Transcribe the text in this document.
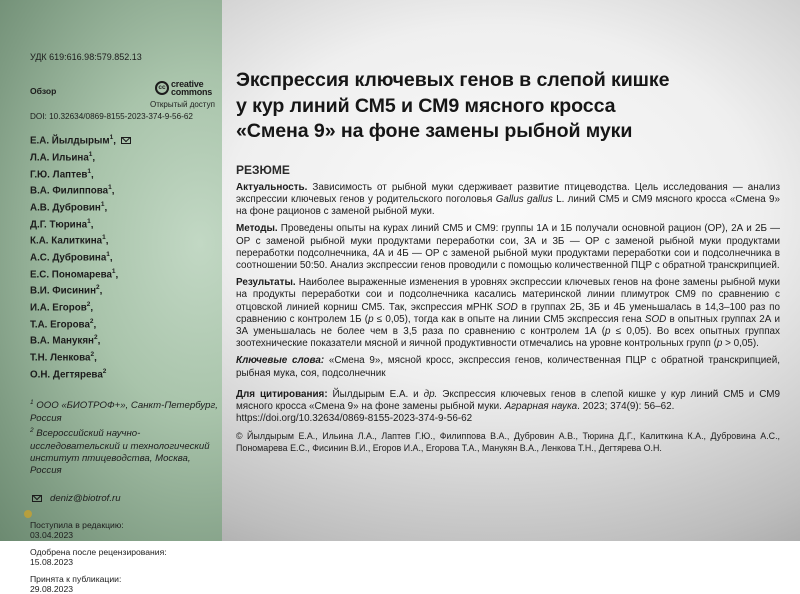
УДК 619:616.98:579.852.13
Обзор	cc creative
commons
Открытый доступ
DOI: 10.32634/0869-8155-2023-374-9-56-62
Е.А. Йылдырым$^1$,
Л.А. Ильина$^1$,
Г.Ю. Лаптев$^1$,
В.А. Филиппова$^1$,
А.В. Дубровин$^1$,
Д.Г. Тюрина$^1$,
К.А. Калиткина$^1$,
А.С. Дубровина$^1$,
Е.С. Пономарева$^1$,
В.И. Фисинин$^2$,
И.А. Егоров$^2$,
Т.А. Егорова$^2$,
В.А. Манукян$^2$,
Т.Н. Ленкова$^2$,
О.Н. Дегтярева$^2$
$^1$ ООО «БИОТРОФ+», Санкт-Петербург, Россия
$^2$ Всероссийский научно-исследовательский и технологический институт птицеводства, Москва, Россия
deniz@biotrof.ru
Поступила в редакцию:
03.04.2023
Одобрена после рецензирования:
15.08.2023
Принята к публикации:
29.08.2023
Экспрессия ключевых генов в слепой кишке
у кур линий СМ5 и СМ9 мясного кросса
«Смена 9» на фоне замены рыбной муки
РЕЗЮМЕ

Актуальность. Зависимость от рыбной муки сдерживает развитие птицеводства. Цель исследования — анализ экспрессии ключевых генов у родительского поголовья Gallus gallus L. линий СМ5 и СМ9 мясного кросса «Смена 9» на фоне рационов с заменой рыбной муки.

Методы. Проведены опыты на курах линий СМ5 и СМ9: группы 1А и 1Б получали основной рацион (ОР), 2А и 2Б — ОР с заменой рыбной муки продуктами переработки сои, 3А и 3Б — ОР с заменой рыбной муки продуктами переработки подсолнечника, 4А и 4Б — ОР с заменой рыбной муки продуктами переработки сои и подсолнечника в соотношении 50:50. Анализ экспрессии генов проводили с помощью количественной ПЦР с обратной транскрипцией.

Результаты. Наиболее выраженные изменения в уровнях экспрессии ключевых генов на фоне замены рыбной муки на продукты переработки сои и подсолнечника касались материнской линии плимутрок СМ9 по сравнению с отцовской линией корниш СМ5. Так, экспрессия мРНК SOD в группах 2Б, 3Б и 4Б уменьшалась в 14,3–100 раз по сравнению с контролем 1Б (p ≤ 0,05), тогда как в опыте на линии СМ5 экспрессия гена SOD в опытных группах 2А и 3А уменьшалась не более чем в 3,5 раза по сравнению с контролем 1А (p ≤ 0,05). Во всех опытных группах зоотехнические показатели мясной и яичной продуктивности отмечались на уровне контрольных групп (p > 0,05).

Ключевые слова: «Смена 9», мясной кросс, экспрессия генов, количественная ПЦР с обратной транскрипцией, рыбная мука, соя, подсолнечник

Для цитирования: Йылдырым Е.А. и др. Экспрессия ключевых генов в слепой кишке у кур линий СМ5 и СМ9 мясного кросса «Смена 9» на фоне замены рыбной муки. Аграрная наука. 2023; 374(9): 56–62.
https://doi.org/10.32634/0869-8155-2023-374-9-56-62

© Йылдырым Е.А., Ильина Л.А., Лаптев Г.Ю., Филиппова В.А., Дубровин А.В., Тюрина Д.Г., Калиткина К.А., Дубровина А.С., Пономарева Е.С., Фисинин В.И., Егоров И.А., Егорова Т.А., Манукян В.А., Ленкова Т.Н., Дегтярева О.Н.
